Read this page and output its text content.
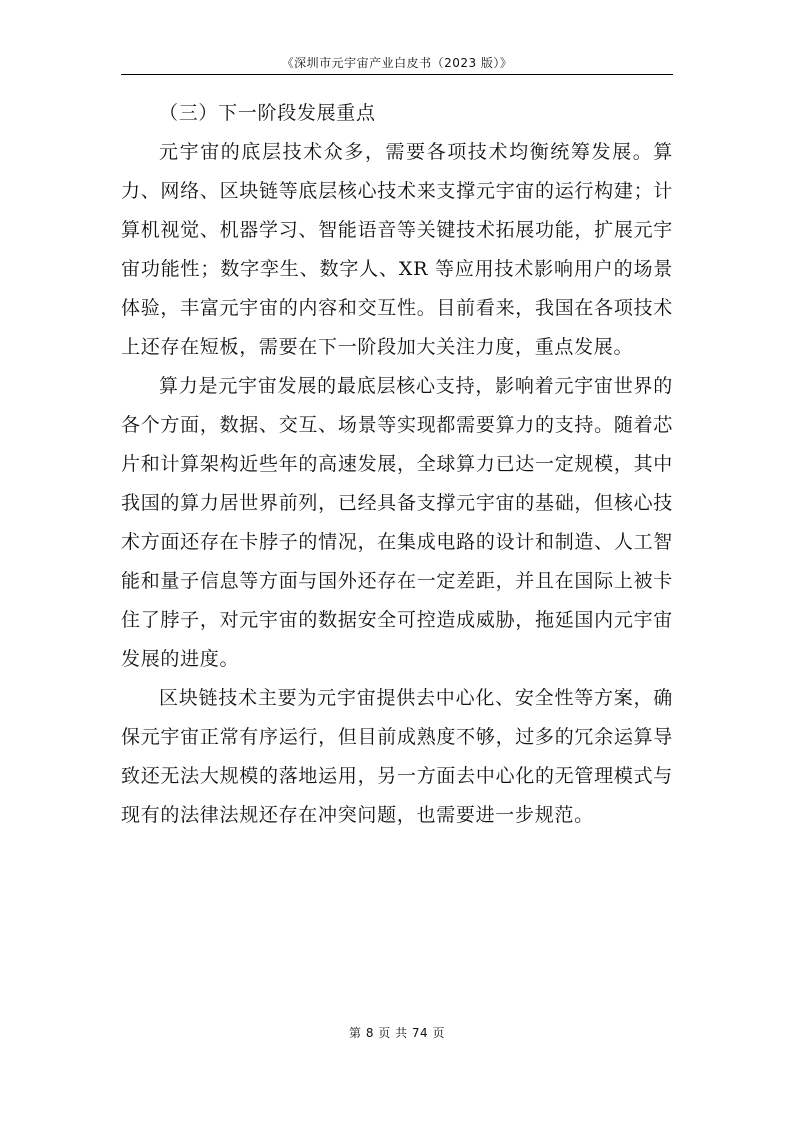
《深圳市元宇宙产业白皮书（2023 版）》

（三）下一阶段发展重点

元宇宙的底层技术众多，需要各项技术均衡统筹发展。算力、网络、区块链等底层核心技术来支撑元宇宙的运行构建；计算机视觉、机器学习、智能语音等关键技术拓展功能，扩展元宇宙功能性；数字孪生、数字人、XR 等应用技术影响用户的场景体验，丰富元宇宙的内容和交互性。目前看来，我国在各项技术上还存在短板，需要在下一阶段加大关注力度，重点发展。

算力是元宇宙发展的最底层核心支持，影响着元宇宙世界的各个方面，数据、交互、场景等实现都需要算力的支持。随着芯片和计算架构近些年的高速发展，全球算力已达一定规模，其中我国的算力居世界前列，已经具备支撑元宇宙的基础，但核心技术方面还存在卡脖子的情况，在集成电路的设计和制造、人工智能和量子信息等方面与国外还存在一定差距，并且在国际上被卡住了脖子，对元宇宙的数据安全可控造成威胁，拖延国内元宇宙发展的进度。

区块链技术主要为元宇宙提供去中心化、安全性等方案，确保元宇宙正常有序运行，但目前成熟度不够，过多的冗余运算导致还无法大规模的落地运用，另一方面去中心化的无管理模式与现有的法律法规还存在冲突问题，也需要进一步规范。

第 8 页 共 74 页
